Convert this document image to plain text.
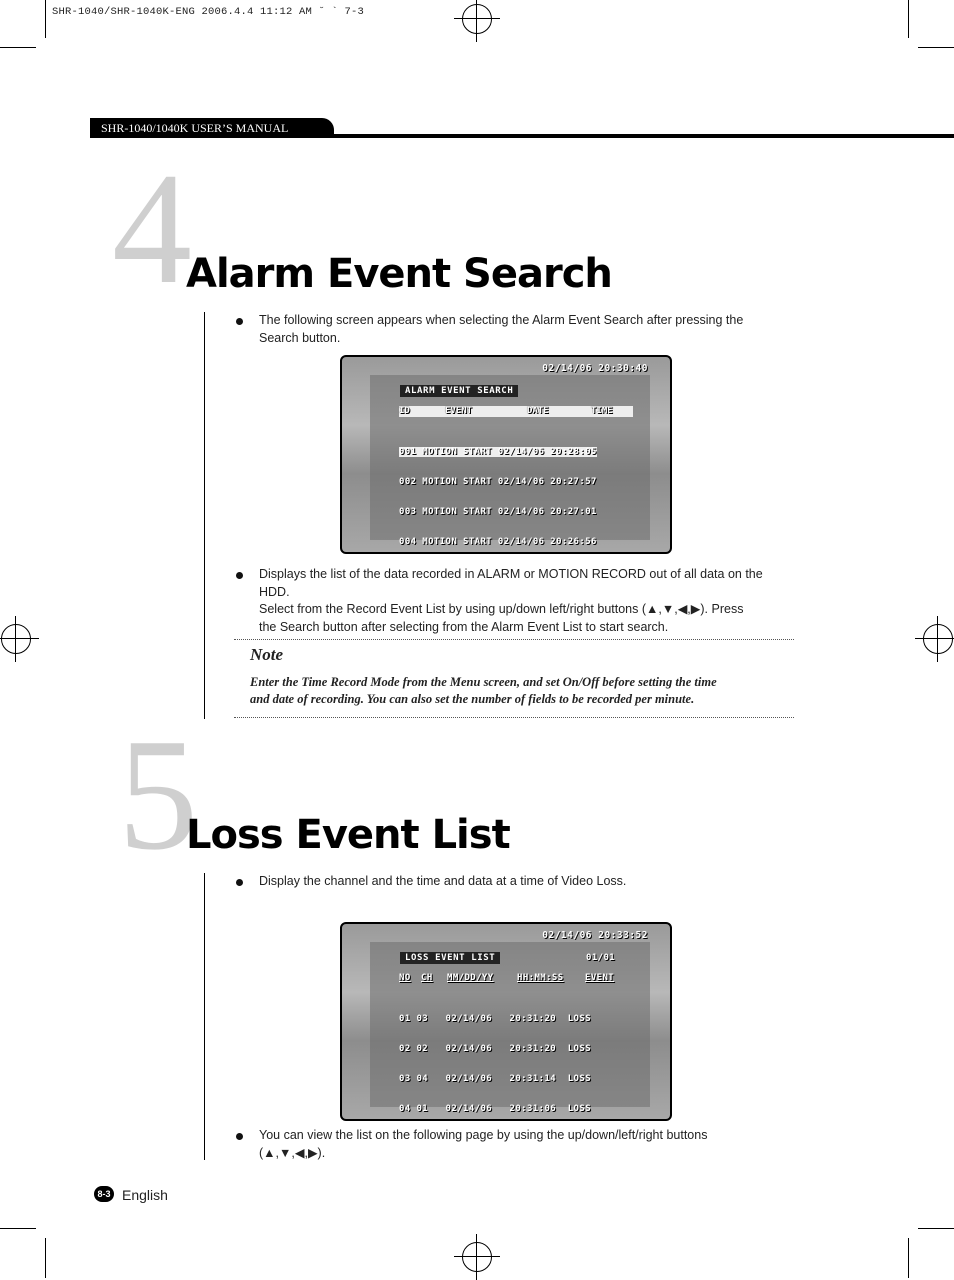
SHR-1040/SHR-1040K-ENG 2006.4.4 11:12 AM ˘ ` 7-3
SHR-1040/1040K USER’S MANUAL
4
Alarm Event Search
The following screen appears when selecting the Alarm Event Search after pressing the Search button.
02/14/06 20:30:40
ALARM EVENT SEARCH
ID	EVENT	DATE	TIME

001 MOTION START 02/14/06 20:28:05

002 MOTION START 02/14/06 20:27:57

003 MOTION START 02/14/06 20:27:01

004 MOTION START 02/14/06 20:26:56

Displays the list of the data recorded in ALARM or MOTION RECORD out of all data on the
HDD.
Select from the Record Event List by using up/down left/right buttons (▲,▼,◀,▶). Press
the Search button after selecting from the Alarm Event List to start search.
Note
Enter the Time Record Mode from the Menu screen, and set On/Off before setting the time
and date of recording. You can also set the number of fields to be recorded per minute.
5
Loss Event List
Display the channel and the time and data at a time of Video Loss.
02/14/06 20:33:52
LOSS EVENT LIST	01/01
NO CH MM/DD/YY	HH:MM:SS EVENT

01 03   02/14/06   20:31:20  LOSS

02 02   02/14/06   20:31:20  LOSS

03 04   02/14/06   20:31:14  LOSS

04 01   02/14/06   20:31:06  LOSS

You can view the list on the following page by using the up/down/left/right buttons
(▲,▼,◀,▶).
8-3 English
